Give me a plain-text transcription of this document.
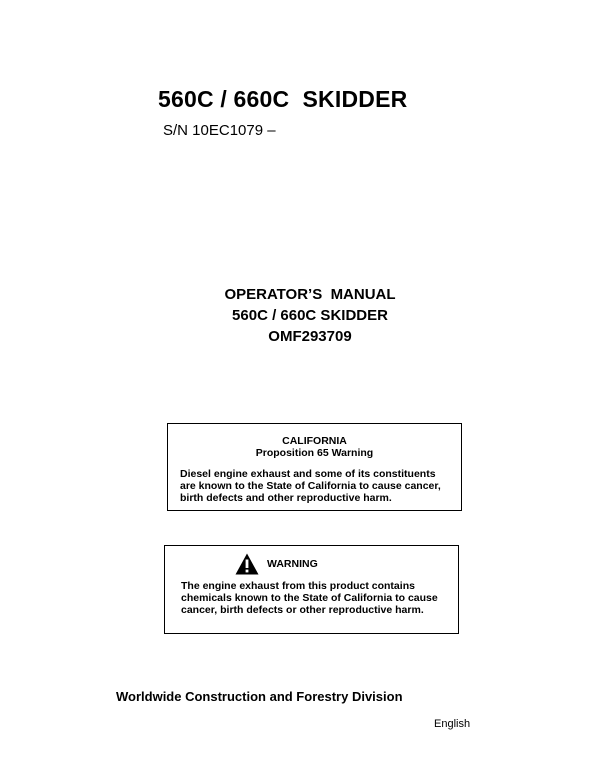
560C / 660C  SKIDDER
S/N 10EC1079 –
OPERATOR’S  MANUAL
560C / 660C SKIDDER
OMF293709
CALIFORNIA
Proposition 65 Warning
Diesel engine exhaust and some of its constituents
are known to the State of California to cause cancer,
birth defects and other reproductive harm.
WARNING
The engine exhaust from this product contains
chemicals known to the State of California to cause
cancer, birth defects or other reproductive harm.
Worldwide Construction and Forestry Division
English
